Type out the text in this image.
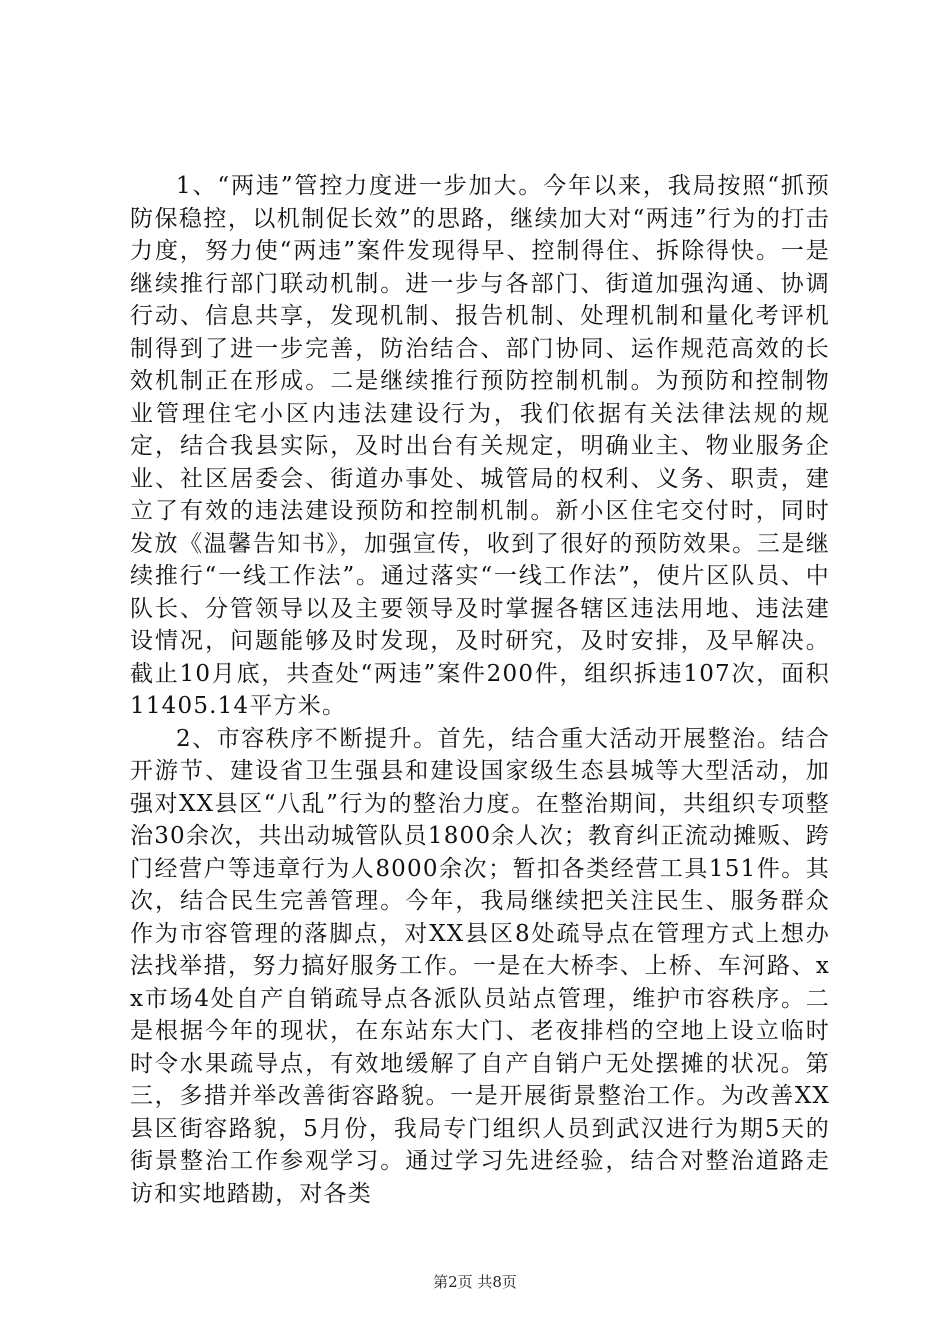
1、“两违”管控力度进一步加大。今年以来，我局按照“抓预防保稳控，以机制促长效”的思路，继续加大对“两违”行为的打击力度，努力使“两违”案件发现得早、控制得住、拆除得快。一是继续推行部门联动机制。进一步与各部门、街道加强沟通、协调行动、信息共享，发现机制、报告机制、处理机制和量化考评机制得到了进一步完善，防治结合、部门协同、运作规范高效的长效机制正在形成。二是继续推行预防控制机制。为预防和控制物业管理住宅小区内违法建设行为，我们依据有关法律法规的规定，结合我县实际，及时出台有关规定，明确业主、物业服务企业、社区居委会、街道办事处、城管局的权利、义务、职责，建立了有效的违法建设预防和控制机制。新小区住宅交付时，同时发放《温馨告知书》，加强宣传，收到了很好的预防效果。三是继续推行“一线工作法”。通过落实“一线工作法”，使片区队员、中队长、分管领导以及主要领导及时掌握各辖区违法用地、违法建设情况，问题能够及时发现，及时研究，及时安排，及早解决。截止10月底，共查处“两违”案件200件，组织拆违107次，面积11405.14平方米。

2、市容秩序不断提升。首先，结合重大活动开展整治。结合开游节、建设省卫生强县和建设国家级生态县城等大型活动，加强对XX县区“八乱”行为的整治力度。在整治期间，共组织专项整治30余次，共出动城管队员1800余人次；教育纠正流动摊贩、跨门经营户等违章行为人8000余次；暂扣各类经营工具151件。其次，结合民生完善管理。今年，我局继续把关注民生、服务群众作为市容管理的落脚点，对XX县区8处疏导点在管理方式上想办法找举措，努力搞好服务工作。一是在大桥李、上桥、车河路、xx市场4处自产自销疏导点各派队员站点管理，维护市容秩序。二是根据今年的现状，在东站东大门、老夜排档的空地上设立临时时令水果疏导点，有效地缓解了自产自销户无处摆摊的状况。第三，多措并举改善街容路貌。一是开展街景整治工作。为改善XX县区街容路貌，5月份，我局专门组织人员到武汉进行为期5天的街景整治工作参观学习。通过学习先进经验，结合对整治道路走访和实地踏勘，对各类

第2页 共8页
